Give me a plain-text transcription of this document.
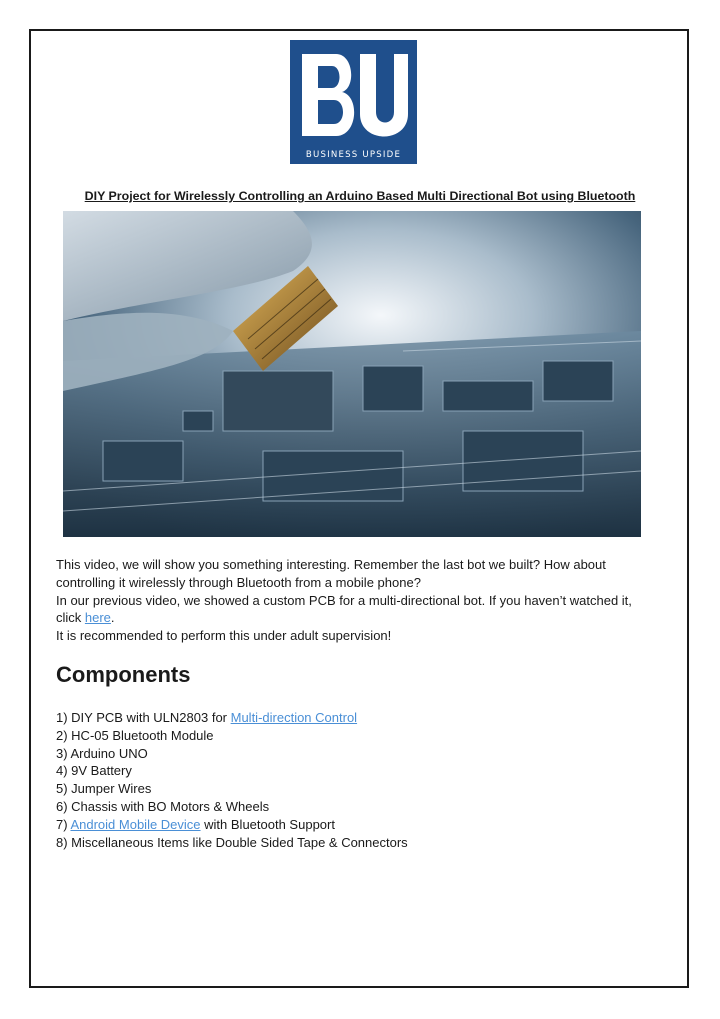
BUSINESS UPSIDE
DIY Project for Wirelessly Controlling an Arduino Based Multi Directional Bot using Bluetooth

This video, we will show you something interesting. Remember the last bot we built? How about controlling it wirelessly through Bluetooth from a mobile phone?

In our previous video, we showed a custom PCB for a multi-directional bot. If you haven’t watched it, click here.

It is recommended to perform this under adult supervision!

Components
1) DIY PCB with ULN2803 for Multi-direction Control
2) HC-05 Bluetooth Module
3) Arduino UNO
4) 9V Battery
5) Jumper Wires
6) Chassis with BO Motors & Wheels
7) Android Mobile Device with Bluetooth Support
8) Miscellaneous Items like Double Sided Tape & Connectors
